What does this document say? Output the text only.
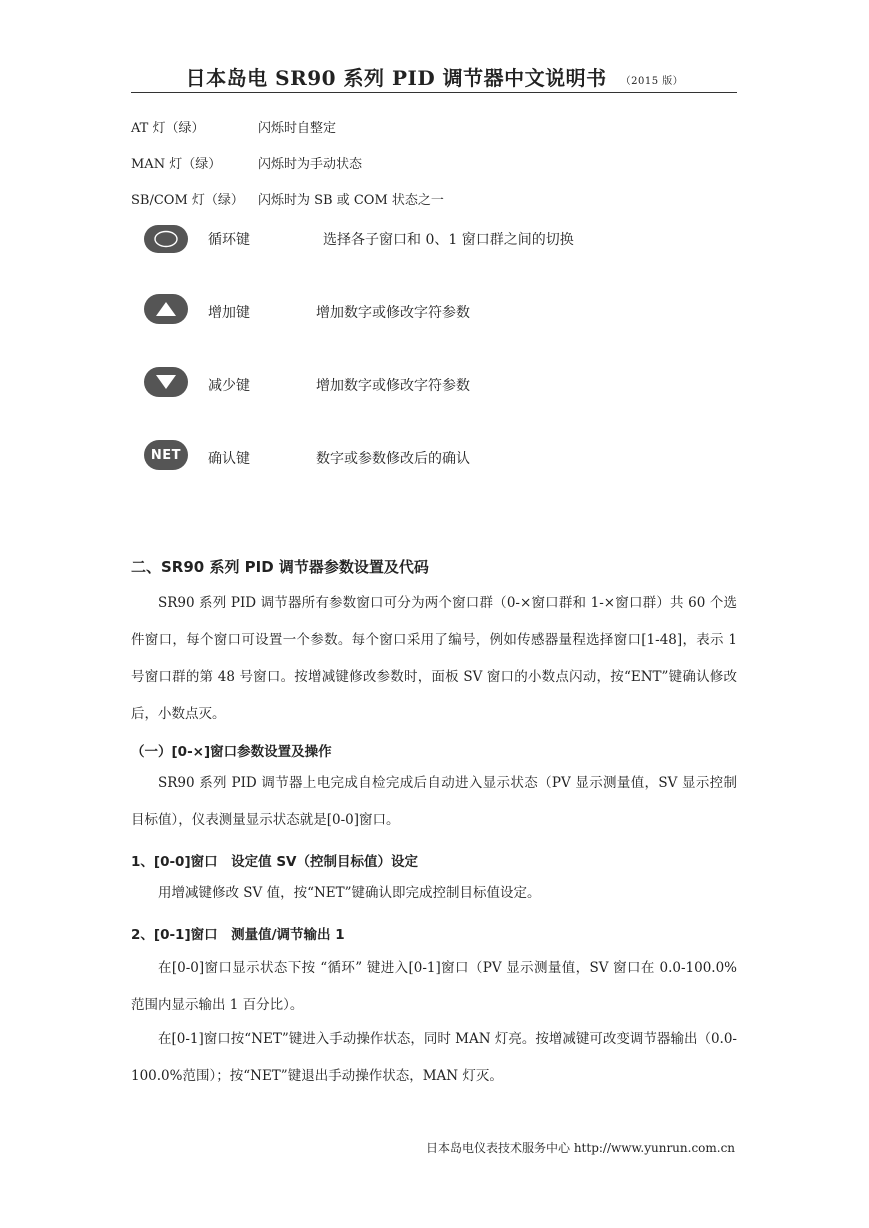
日本岛电 SR90 系列 PID 调节器中文说明书 （2015 版）
AT 灯（绿）	闪烁时自整定
MAN 灯（绿）	闪烁时为手动状态
SB/COM 灯（绿） 闪烁时为 SB 或 COM 状态之一
循环键	选择各子窗口和 0、1 窗口群之间的切换
增加键	增加数字或修改字符参数
减少键	增加数字或修改字符参数
NET 确认键	数字或参数修改后的确认
二、SR90 系列 PID 调节器参数设置及代码
SR90 系列 PID 调节器所有参数窗口可分为两个窗口群（0-×窗口群和 1-×窗口群）共 60 个选件窗口，每个窗口可设置一个参数。每个窗口采用了编号，例如传感器量程选择窗口[1-48]，表示 1 号窗口群的第 48 号窗口。按增减键修改参数时，面板 SV 窗口的小数点闪动，按“ENT”键确认修改后，小数点灭。
（一）[0-×]窗口参数设置及操作
SR90 系列 PID 调节器上电完成自检完成后自动进入显示状态（PV 显示测量值，SV 显示控制目标值），仪表测量显示状态就是[0-0]窗口。
1、[0-0]窗口　设定值 SV（控制目标值）设定
用增减键修改 SV 值，按“NET”键确认即完成控制目标值设定。
2、[0-1]窗口　测量值/调节输出 1
在[0-0]窗口显示状态下按 “循环” 键进入[0-1]窗口（PV 显示测量值，SV 窗口在 0.0-100.0%范围内显示输出 1 百分比）。
在[0-1]窗口按“NET”键进入手动操作状态，同时 MAN 灯亮。按增减键可改变调节器输出（0.0-100.0%范围）；按“NET”键退出手动操作状态，MAN 灯灭。
日本岛电仪表技术服务中心 http://www.yunrun.com.cn
